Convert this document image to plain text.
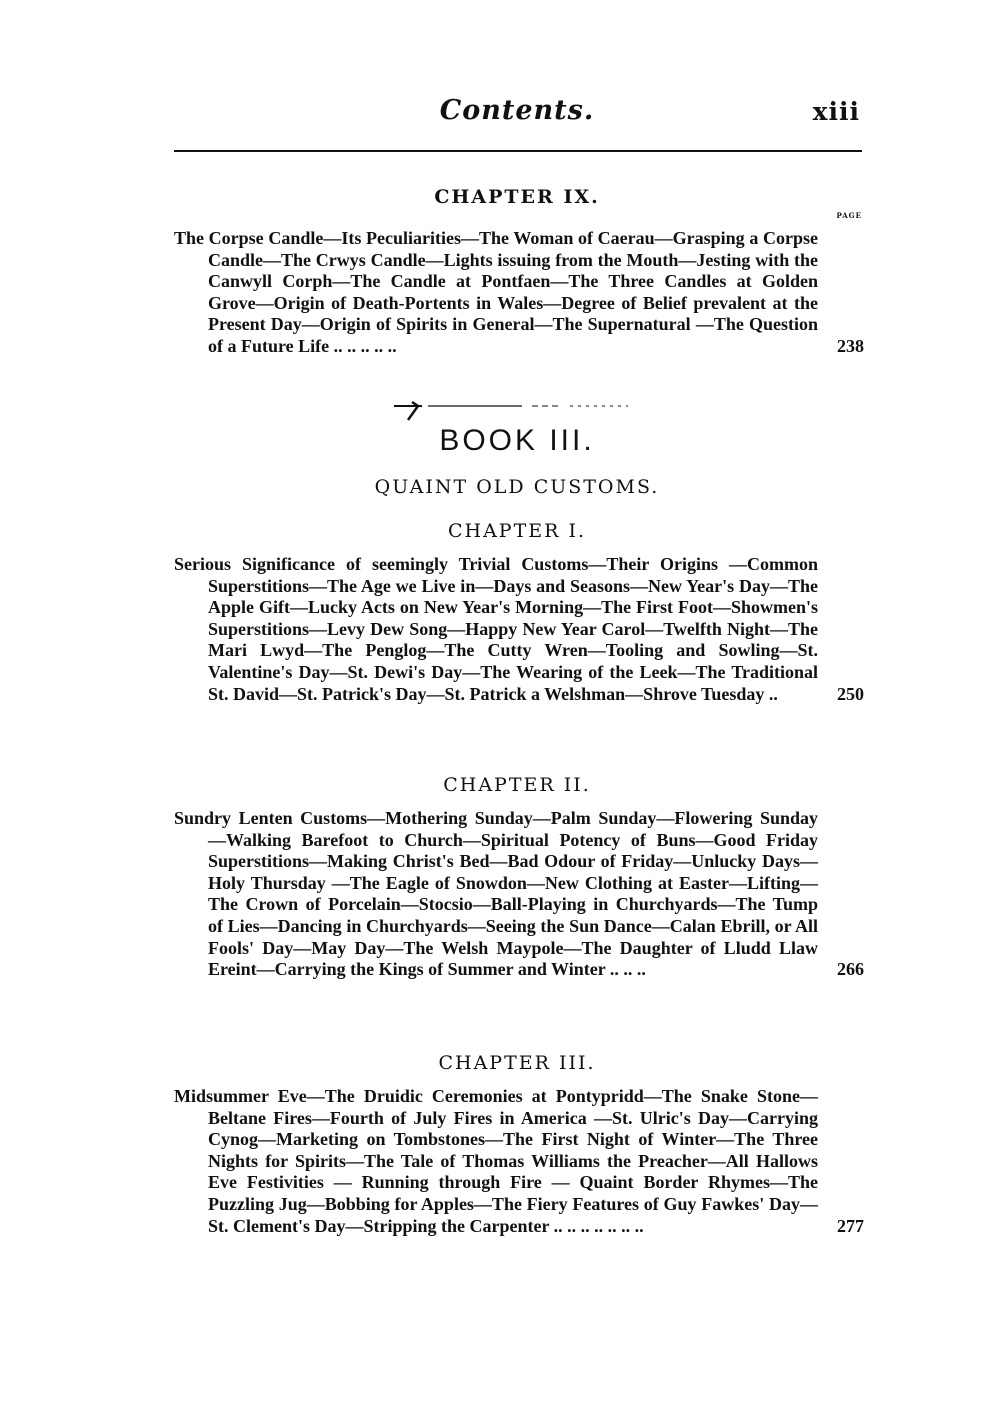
Contents.	xiii
CHAPTER IX.
PAGE

The Corpse Candle—Its Peculiarities—The Woman of Caerau—Grasping a Corpse Candle—The Crwys Candle—Lights issuing from the Mouth—Jesting with the Canwyll Corph—The Candle at Pontfaen—The Three Candles at Golden Grove—Origin of Death-Portents in Wales—Degree of Belief prevalent at the Present Day—Origin of Spirits in General—The Supernatural —The Question of a Future Life .. .. .. .. ..	238
BOOK III.
QUAINT OLD CUSTOMS.
CHAPTER I.

Serious Significance of seemingly Trivial Customs—Their Origins —Common Superstitions—The Age we Live in—Days and Seasons—New Year's Day—The Apple Gift—Lucky Acts on New Year's Morning—The First Foot—Showmen's Superstitions—Levy Dew Song—Happy New Year Carol—Twelfth Night—The Mari Lwyd—The Penglog—The Cutty Wren—Tooling and Sowling—St. Valentine's Day—St. Dewi's Day—The Wearing of the Leek—The Traditional St. David—St. Patrick's Day—St. Patrick a Welshman—Shrove Tuesday ..	250
CHAPTER II.

Sundry Lenten Customs—Mothering Sunday—Palm Sunday—Flowering Sunday—Walking Barefoot to Church—Spiritual Potency of Buns—Good Friday Superstitions—Making Christ's Bed—Bad Odour of Friday—Unlucky Days—Holy Thursday —The Eagle of Snowdon—New Clothing at Easter—Lifting—The Crown of Porcelain—Stocsio—Ball-Playing in Churchyards—The Tump of Lies—Dancing in Churchyards—Seeing the Sun Dance—Calan Ebrill, or All Fools' Day—May Day—The Welsh Maypole—The Daughter of Lludd Llaw Ereint—Carrying the Kings of Summer and Winter .. .. ..	266
CHAPTER III.

Midsummer Eve—The Druidic Ceremonies at Pontypridd—The Snake Stone—Beltane Fires—Fourth of July Fires in America —St. Ulric's Day—Carrying Cynog—Marketing on Tombstones—The First Night of Winter—The Three Nights for Spirits—The Tale of Thomas Williams the Preacher—All Hallows Eve Festivities — Running through Fire — Quaint Border Rhymes—The Puzzling Jug—Bobbing for Apples—The Fiery Features of Guy Fawkes' Day—St. Clement's Day—Stripping the Carpenter .. .. .. .. .. .. ..	277
